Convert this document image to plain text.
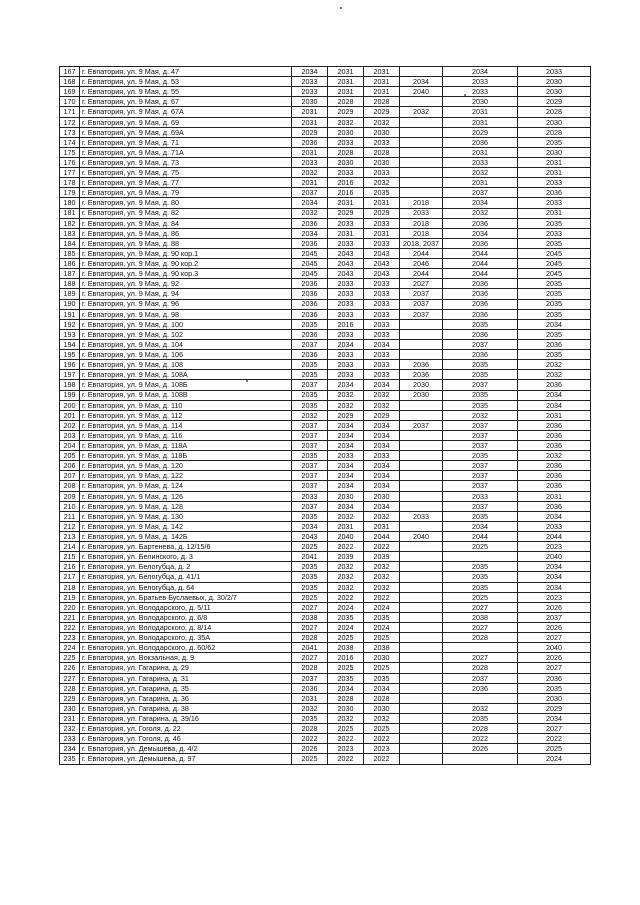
167	г. Евпатория, ул. 9 Мая, д. 47	2034	2031	2031		2034	2033
168	г. Евпатория, ул. 9 Мая, д. 53	2033	2031	2031	2034	2033	2030
169	г. Евпатория, ул. 9 Мая, д. 55	2033	2031	2031	2040	2033	2030
170	г. Евпатория, ул. 9 Мая, д. 67	2030	2028	2028		2030	2029
171	г. Евпатория, ул. 9 Мая, д. 67А	2031	2029	2029	2032	2031	2028
172	г. Евпатория, ул. 9 Мая, д. 69	2031	2032	2032		2031	2030
173	г. Евпатория, ул. 9 Мая, д. 69А	2029	2030	2030		2029	2028
174	г. Евпатория, ул. 9 Мая, д. 71	2036	2033	2033		2036	2035
175	г. Евпатория, ул. 9 Мая, д. 71А	2031	2028	2028		2031	2030
176	г. Евпатория, ул. 9 Мая, д. 73	2033	2030	2030		2033	2031
177	г. Евпатория, ул. 9 Мая, д. 75	2032	2033	2033		2032	2031
178	г. Евпатория, ул. 9 Мая, д. 77	2031	2016	2032		2031	2033
179	г. Евпатория, ул. 9 Мая, д. 79	2037	2016	2035		2037	2036
180	г. Евпатория, ул. 9 Мая, д. 80	2034	2031	2031	2018	2034	2033
181	г. Евпатория, ул. 9 Мая, д. 82	2032	2029	2029	2033	2032	2031
182	г. Евпатория, ул. 9 Мая, д. 84	2036	2033	2033	2018	2036	2035
183	г. Евпатория, ул. 9 Мая, д. 86	2034	2031	2031	2018	2034	2033
184	г. Евпатория, ул. 9 Мая, д. 88	2036	2033	2033	2018, 2037	2036	2035
185	г. Евпатория, ул. 9 Мая, д. 90 кор.1	2045	2043	2043	2044	2044	2045
186	г. Евпатория, ул. 9 Мая, д. 90 кор.2	2045	2043	2043	2046	2044	2045
187	г. Евпатория, ул. 9 Мая, д. 90 кор.3	2045	2043	2043	2044	2044	2045
188	г. Евпатория, ул. 9 Мая, д. 92	2036	2033	2033	2027	2036	2035
189	г. Евпатория, ул. 9 Мая, д. 94	2036	2033	2033	2037	2036	2035
190	г. Евпатория, ул. 9 Мая, д. 96	2036	2033	2033	2037	2036	2035
191	г. Евпатория, ул. 9 Мая, д. 98	2036	2033	2033	2037	2036	2035
192	г. Евпатория, ул. 9 Мая, д. 100	2035	2016	2033		2035	2034
193	г. Евпатория, ул. 9 Мая, д. 102	2036	2033	2033		2036	2035
194	г. Евпатория, ул. 9 Мая, д. 104	2037	2034	2034		2037	2036
195	г. Евпатория, ул. 9 Мая, д. 106	2036	2033	2033		2036	2035
196	г. Евпатория, ул. 9 Мая, д. 108	2035	2033	2033	2036	2035	2032
197	г. Евпатория, ул. 9 Мая, д. 108А	2035	2033	2033	2036	2035	2032
198	г. Евпатория, ул. 9 Мая, д. 108Б	2037	2034	2034	2030	2037	2036
199	г. Евпатория, ул. 9 Мая, д. 108В	2035	2032	2032	2030	2035	2034
200	г. Евпатория, ул. 9 Мая, д. 110	2035	2032	2032		2035	2034
201	г. Евпатория, ул. 9 Мая, д. 112	2032	2029	2029		2032	2031
202	г. Евпатория, ул. 9 Мая, д. 114	2037	2034	2034	2037	2037	2036
203	г. Евпатория, ул. 9 Мая, д. 116	2037	2034	2034		2037	2036
204	г. Евпатория, ул. 9 Мая, д. 118А	2037	2034	2034		2037	2036
205	г. Евпатория, ул. 9 Мая, д. 118Б	2035	2033	2033		2035	2032
206	г. Евпатория, ул. 9 Мая, д. 120	2037	2034	2034		2037	2036
207	г. Евпатория, ул. 9 Мая, д. 122	2037	2034	2034		2037	2036
208	г. Евпатория, ул. 9 Мая, д. 124	2037	2034	2034		2037	2036
209	г. Евпатория, ул. 9 Мая, д. 126	2033	2030	2030		2033	2031
210	г. Евпатория, ул. 9 Мая, д. 128	2037	2034	2034		2037	2036
211	г. Евпатория, ул. 9 Мая, д. 130	2035	2032	2032	2033	2035	2034
212	г. Евпатория, ул. 9 Мая, д. 142	2034	2031	2031		2034	2033
213	г. Евпатория, ул. 9 Мая, д. 142Б	2043	2040	2044	2040	2044	2044
214	г. Евпатория, ул. Бартенева, д. 12/15/6	2025	2022	2022		2025	2023
215	г. Евпатория, ул. Белинского, д. 3	2041	2039	2039			2040
216	г. Евпатория, ул. Белогубца, д. 2	2035	2032	2032		2035	2034
217	г. Евпатория, ул. Белогубца, д. 41/1	2035	2032	2032		2035	2034
218	г. Евпатория, ул. Белогубца, д. 64	2035	2032	2032		2035	2034
219	г. Евпатория, ул. Братьев Буслаевых, д. 30/2/7	2025	2022	2022		2025	2023
220	г. Евпатория, ул. Володарского, д. 5/11	2027	2024	2024		2027	2026
221	г. Евпатория, ул. Володарского, д. 6/8	2038	2035	2035		2038	2037
222	г. Евпатория, ул. Володарского, д. 8/14	2027	2024	2024		2027	2026
223	г. Евпатория, ул. Володарского, д. 35А	2028	2025	2025		2028	2027
224	г. Евпатория, ул. Володарского, д. 60/62	2041	2038	2038			2040
225	г. Евпатория, ул. Вокзальная, д. 9	2027	2016	2030		2027	2026
226	г. Евпатория, ул. Гагарина, д. 29	2028	2025	2025		2028	2027
227	г. Евпатория, ул. Гагарина, д. 31	2037	2035	2035		2037	2036
228	г. Евпатория, ул. Гагарина, д. 35	2036	2034	2034		2036	2035
229	г. Евпатория, ул. Гагарина, д. 36	2031	2028	2028			2030
230	г. Евпатория, ул. Гагарина, д. 38	2032	2030	2030		2032	2029
231	г. Евпатория, ул. Гагарина, д. 39/16	2035	2032	2032		2035	2034
232	г. Евпатория, ул. Гоголя, д. 22	2028	2025	2025		2028	2027
233	г. Евпатория, ул. Гоголя, д. 46	2022	2022	2022		2022	2022
234	г. Евпатория, ул. Демышева, д. 4/2	2026	2023	2023		2026	2025
235	г. Евпатория, ул. Демышева, д. 97	2025	2022	2022			2024
